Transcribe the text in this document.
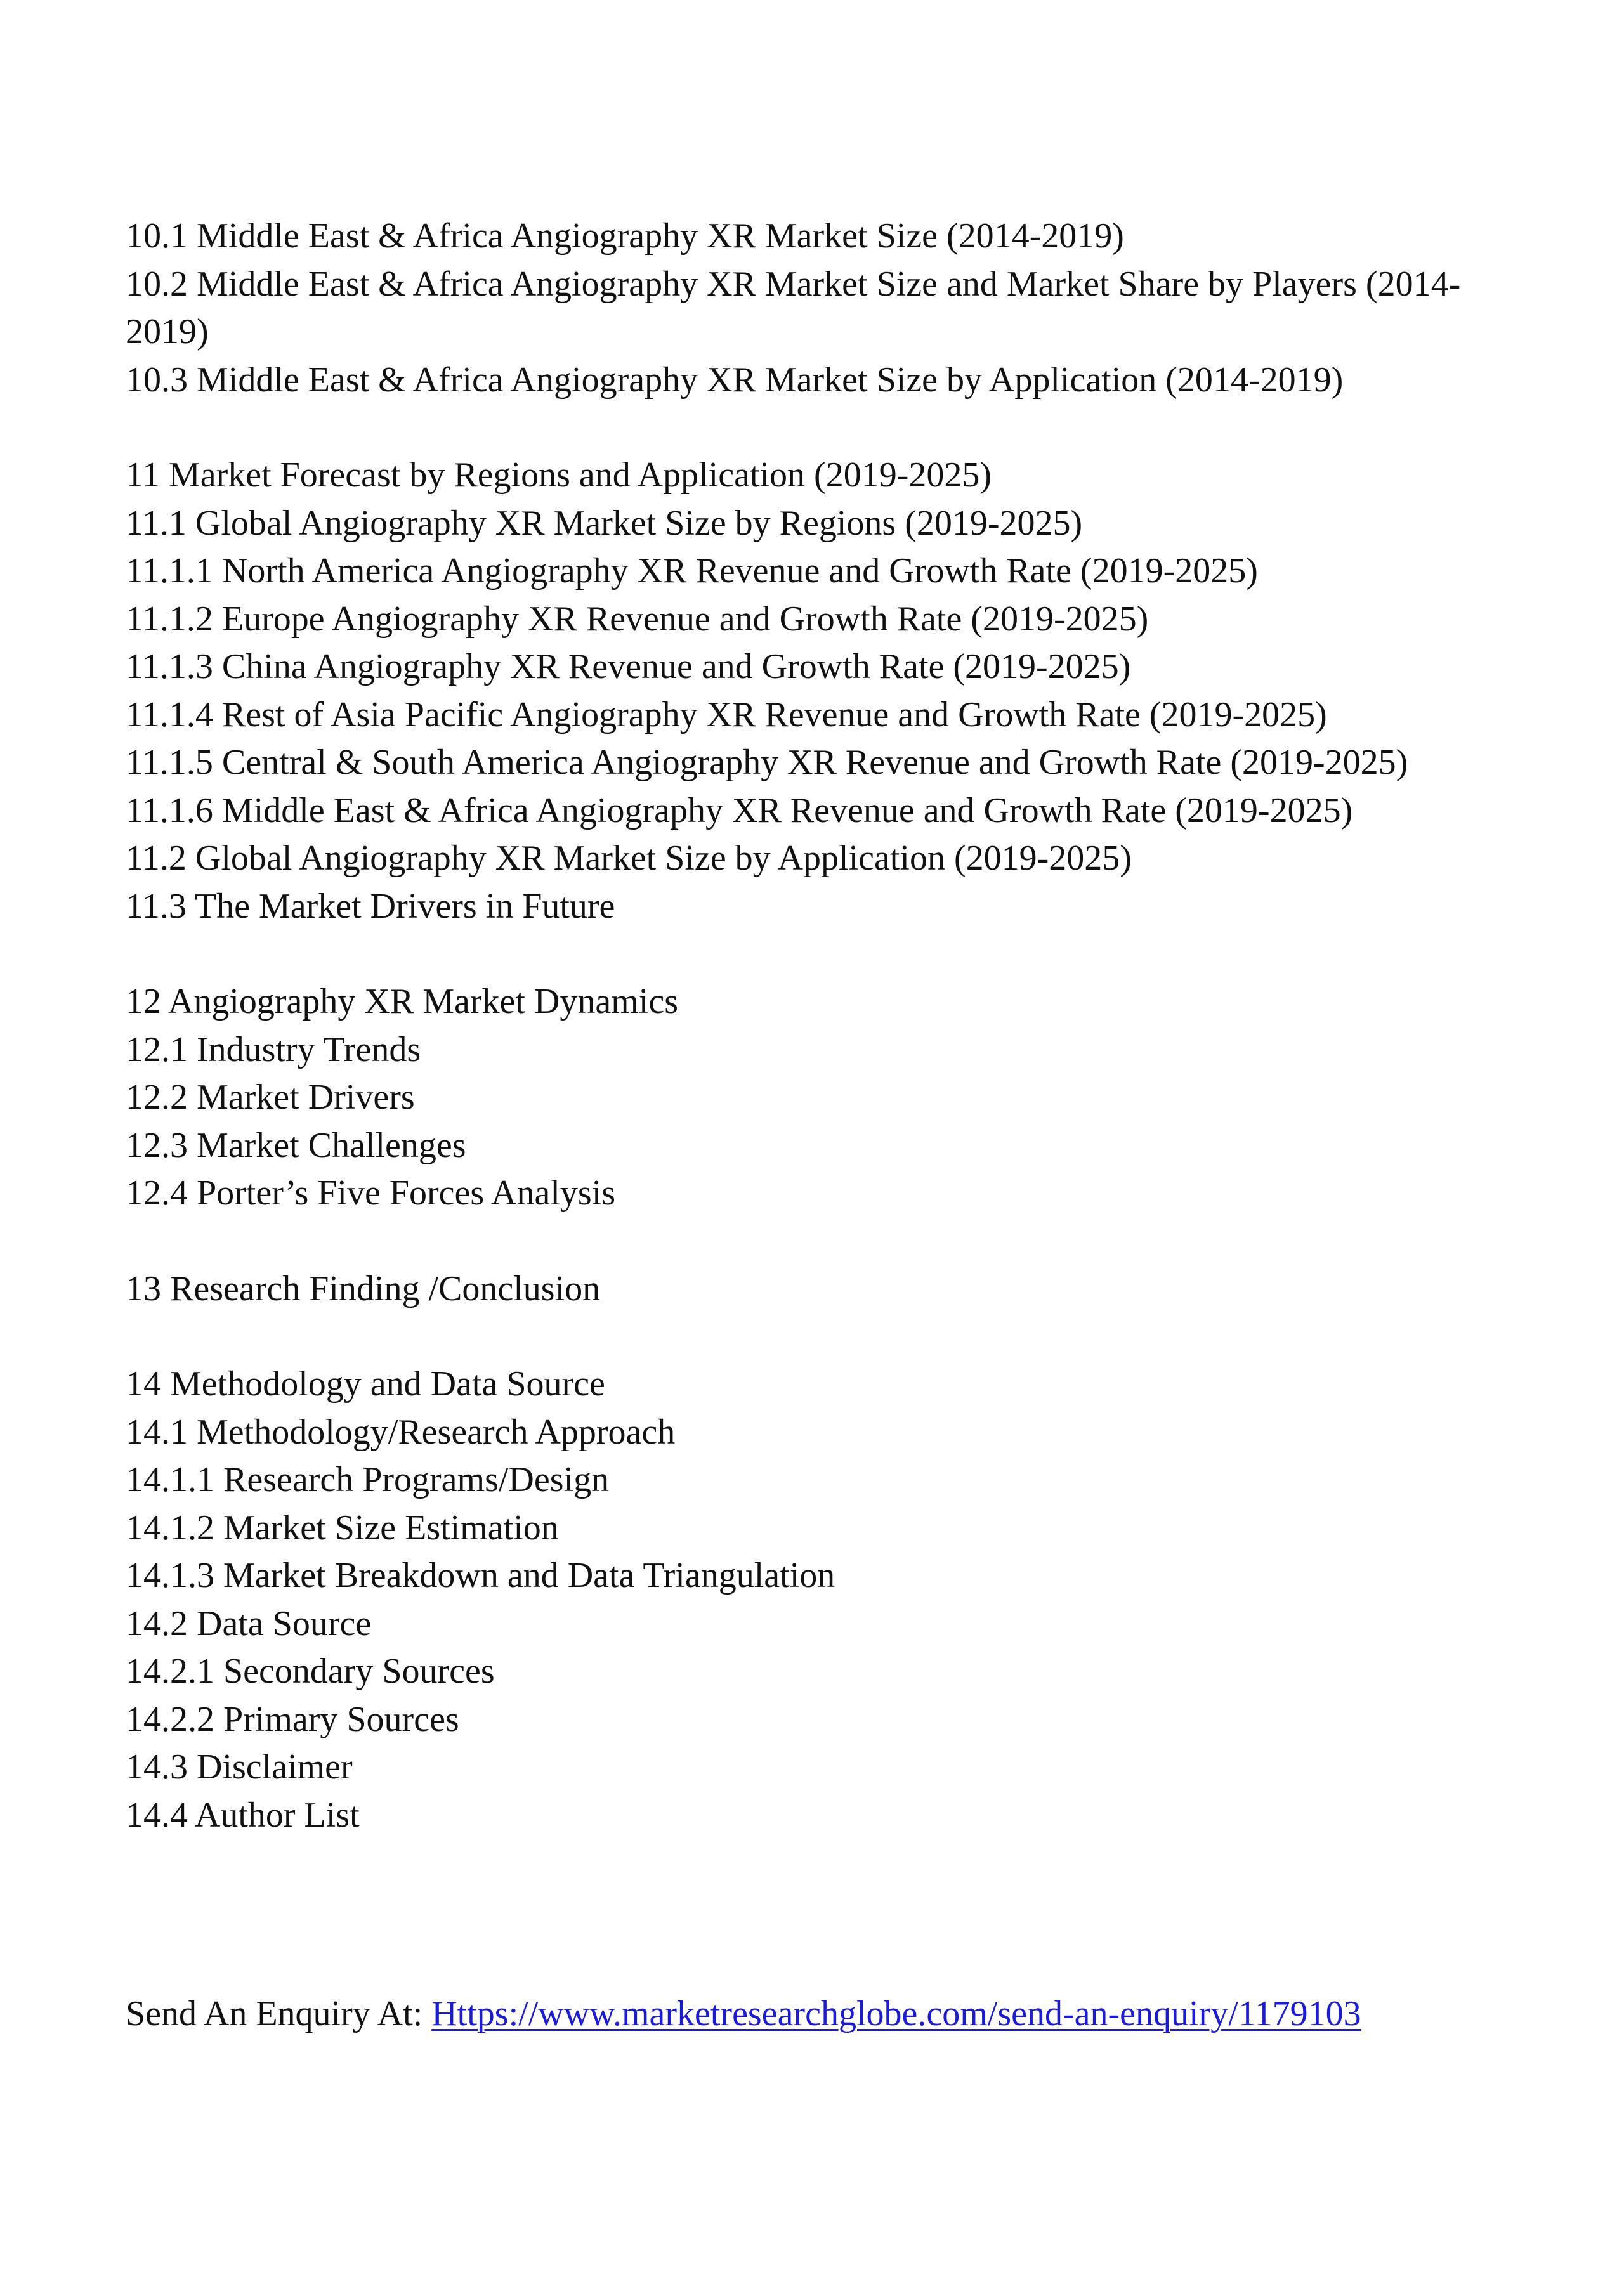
10.1 Middle East & Africa Angiography XR Market Size (2014-2019)
10.2 Middle East & Africa Angiography XR Market Size and Market Share by Players (2014-2019)
10.3 Middle East & Africa Angiography XR Market Size by Application (2014-2019)
11 Market Forecast by Regions and Application (2019-2025)
11.1 Global Angiography XR Market Size by Regions (2019-2025)
11.1.1 North America Angiography XR Revenue and Growth Rate (2019-2025)
11.1.2 Europe Angiography XR Revenue and Growth Rate (2019-2025)
11.1.3 China Angiography XR Revenue and Growth Rate (2019-2025)
11.1.4 Rest of Asia Pacific Angiography XR Revenue and Growth Rate (2019-2025)
11.1.5 Central & South America Angiography XR Revenue and Growth Rate (2019-2025)
11.1.6 Middle East & Africa Angiography XR Revenue and Growth Rate (2019-2025)
11.2 Global Angiography XR Market Size by Application (2019-2025)
11.3 The Market Drivers in Future
12 Angiography XR Market Dynamics
12.1 Industry Trends
12.2 Market Drivers
12.3 Market Challenges
12.4 Porter’s Five Forces Analysis
13 Research Finding /Conclusion
14 Methodology and Data Source
14.1 Methodology/Research Approach
14.1.1 Research Programs/Design
14.1.2 Market Size Estimation
14.1.3 Market Breakdown and Data Triangulation
14.2 Data Source
14.2.1 Secondary Sources
14.2.2 Primary Sources
14.3 Disclaimer
14.4 Author List
Send An Enquiry At: Https://www.marketresearchglobe.com/send-an-enquiry/1179103
